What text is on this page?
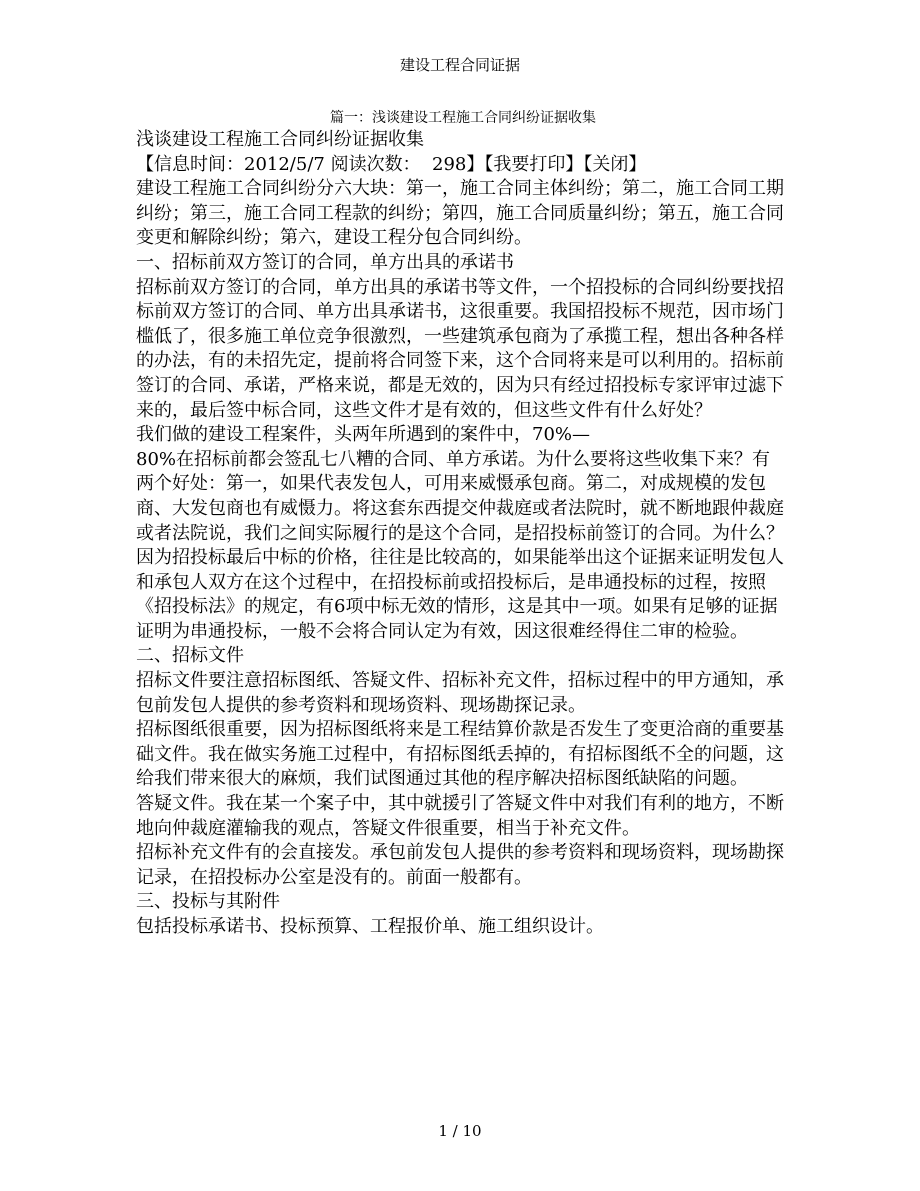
建设工程合同证据
篇一：浅谈建设工程施工合同纠纷证据收集

浅谈建设工程施工合同纠纷证据收集

【信息时间：2012/5/7 阅读次数：  298】【我要打印】【关闭】

建设工程施工合同纠纷分六大块：第一，施工合同主体纠纷；第二，施工合同工期纠纷；第三，施工合同工程款的纠纷；第四，施工合同质量纠纷；第五，施工合同变更和解除纠纷；第六，建设工程分包合同纠纷。

一、招标前双方签订的合同，单方出具的承诺书

招标前双方签订的合同，单方出具的承诺书等文件，一个招投标的合同纠纷要找招标前双方签订的合同、单方出具承诺书，这很重要。我国招投标不规范，因市场门槛低了，很多施工单位竞争很激烈，一些建筑承包商为了承揽工程，想出各种各样的办法，有的未招先定，提前将合同签下来，这个合同将来是可以利用的。招标前签订的合同、承诺，严格来说，都是无效的，因为只有经过招投标专家评审过滤下来的，最后签中标合同，这些文件才是有效的，但这些文件有什么好处？

我们做的建设工程案件，头两年所遇到的案件中，70%—

80%在招标前都会签乱七八糟的合同、单方承诺。为什么要将这些收集下来？有两个好处：第一，如果代表发包人，可用来威慑承包商。第二，对成规模的发包商、大发包商也有威慑力。将这套东西提交仲裁庭或者法院时，就不断地跟仲裁庭或者法院说，我们之间实际履行的是这个合同，是招投标前签订的合同。为什么？因为招投标最后中标的价格，往往是比较高的，如果能举出这个证据来证明发包人和承包人双方在这个过程中，在招投标前或招投标后，是串通投标的过程，按照《招投标法》的规定，有6项中标无效的情形，这是其中一项。如果有足够的证据证明为串通投标，一般不会将合同认定为有效，因这很难经得住二审的检验。

二、招标文件

招标文件要注意招标图纸、答疑文件、招标补充文件，招标过程中的甲方通知，承包前发包人提供的参考资料和现场资料、现场勘探记录。

招标图纸很重要，因为招标图纸将来是工程结算价款是否发生了变更洽商的重要基础文件。我在做实务施工过程中，有招标图纸丢掉的，有招标图纸不全的问题，这给我们带来很大的麻烦，我们试图通过其他的程序解决招标图纸缺陷的问题。

答疑文件。我在某一个案子中，其中就援引了答疑文件中对我们有利的地方，不断地向仲裁庭灌输我的观点，答疑文件很重要，相当于补充文件。

招标补充文件有的会直接发。承包前发包人提供的参考资料和现场资料，现场勘探记录，在招投标办公室是没有的。前面一般都有。

三、投标与其附件

包括投标承诺书、投标预算、工程报价单、施工组织设计。

1 / 10
